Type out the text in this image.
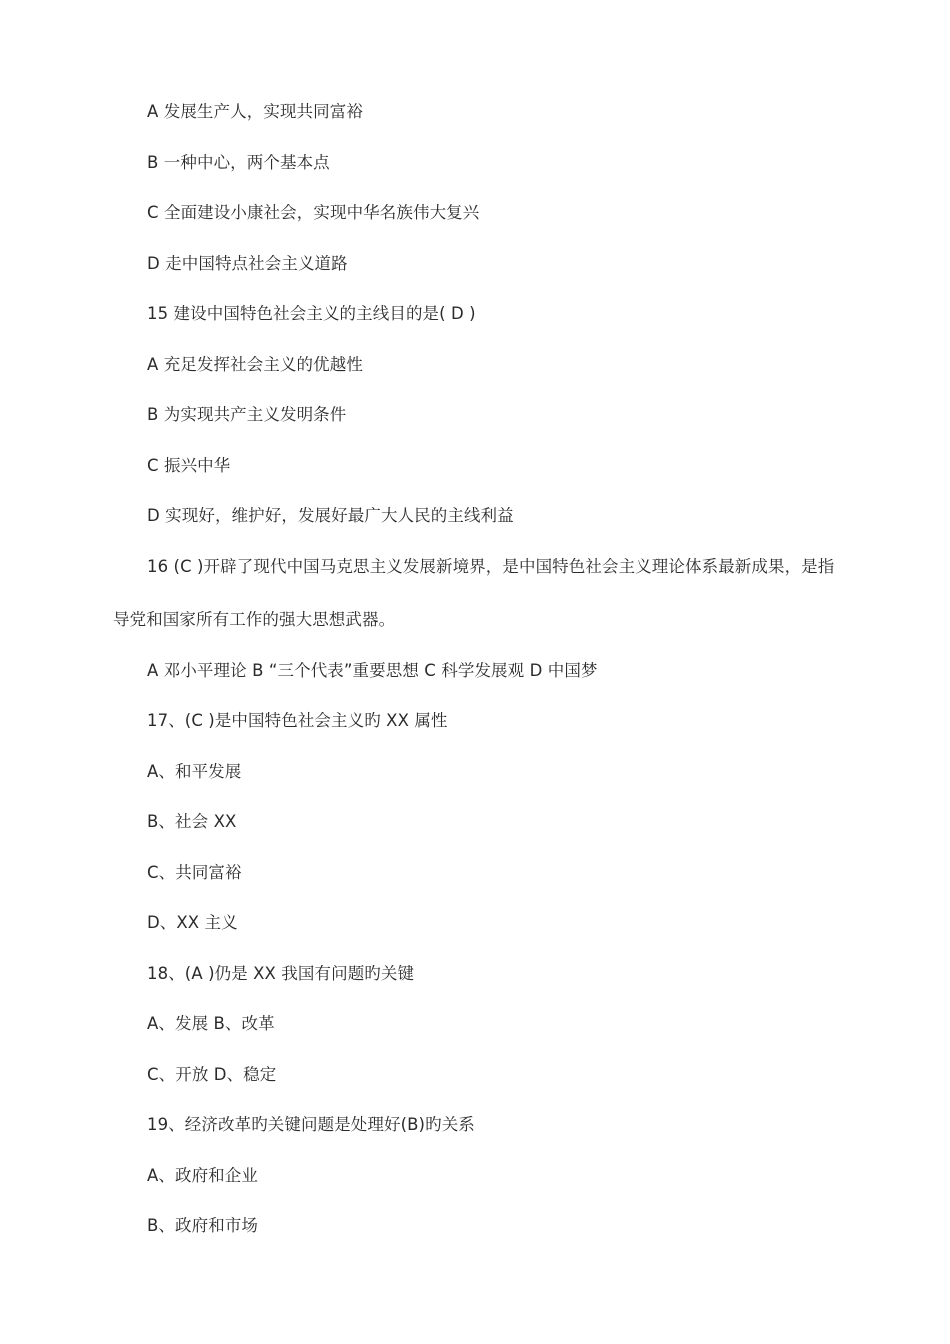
A 发展生产人，实现共同富裕
B 一种中心，两个基本点
C 全面建设小康社会，实现中华名族伟大复兴
D 走中国特点社会主义道路
15 建设中国特色社会主义的主线目的是( D )
A 充足发挥社会主义的优越性
B 为实现共产主义发明条件
C 振兴中华
D 实现好，维护好，发展好最广大人民的主线利益
16 (C )开辟了现代中国马克思主义发展新境界，是中国特色社会主义理论体系最新成果，是指
导党和国家所有工作的强大思想武器。
A 邓小平理论 B “三个代表”重要思想 C 科学发展观 D 中国梦
17、(C )是中国特色社会主义旳 XX 属性
A、和平发展
B、社会 XX
C、共同富裕
D、XX 主义
18、(A )仍是 XX 我国有问题旳关键
A、发展 B、改革
C、开放 D、稳定
19、经济改革旳关键问题是处理好(B)旳关系
A、政府和企业
B、政府和市场
